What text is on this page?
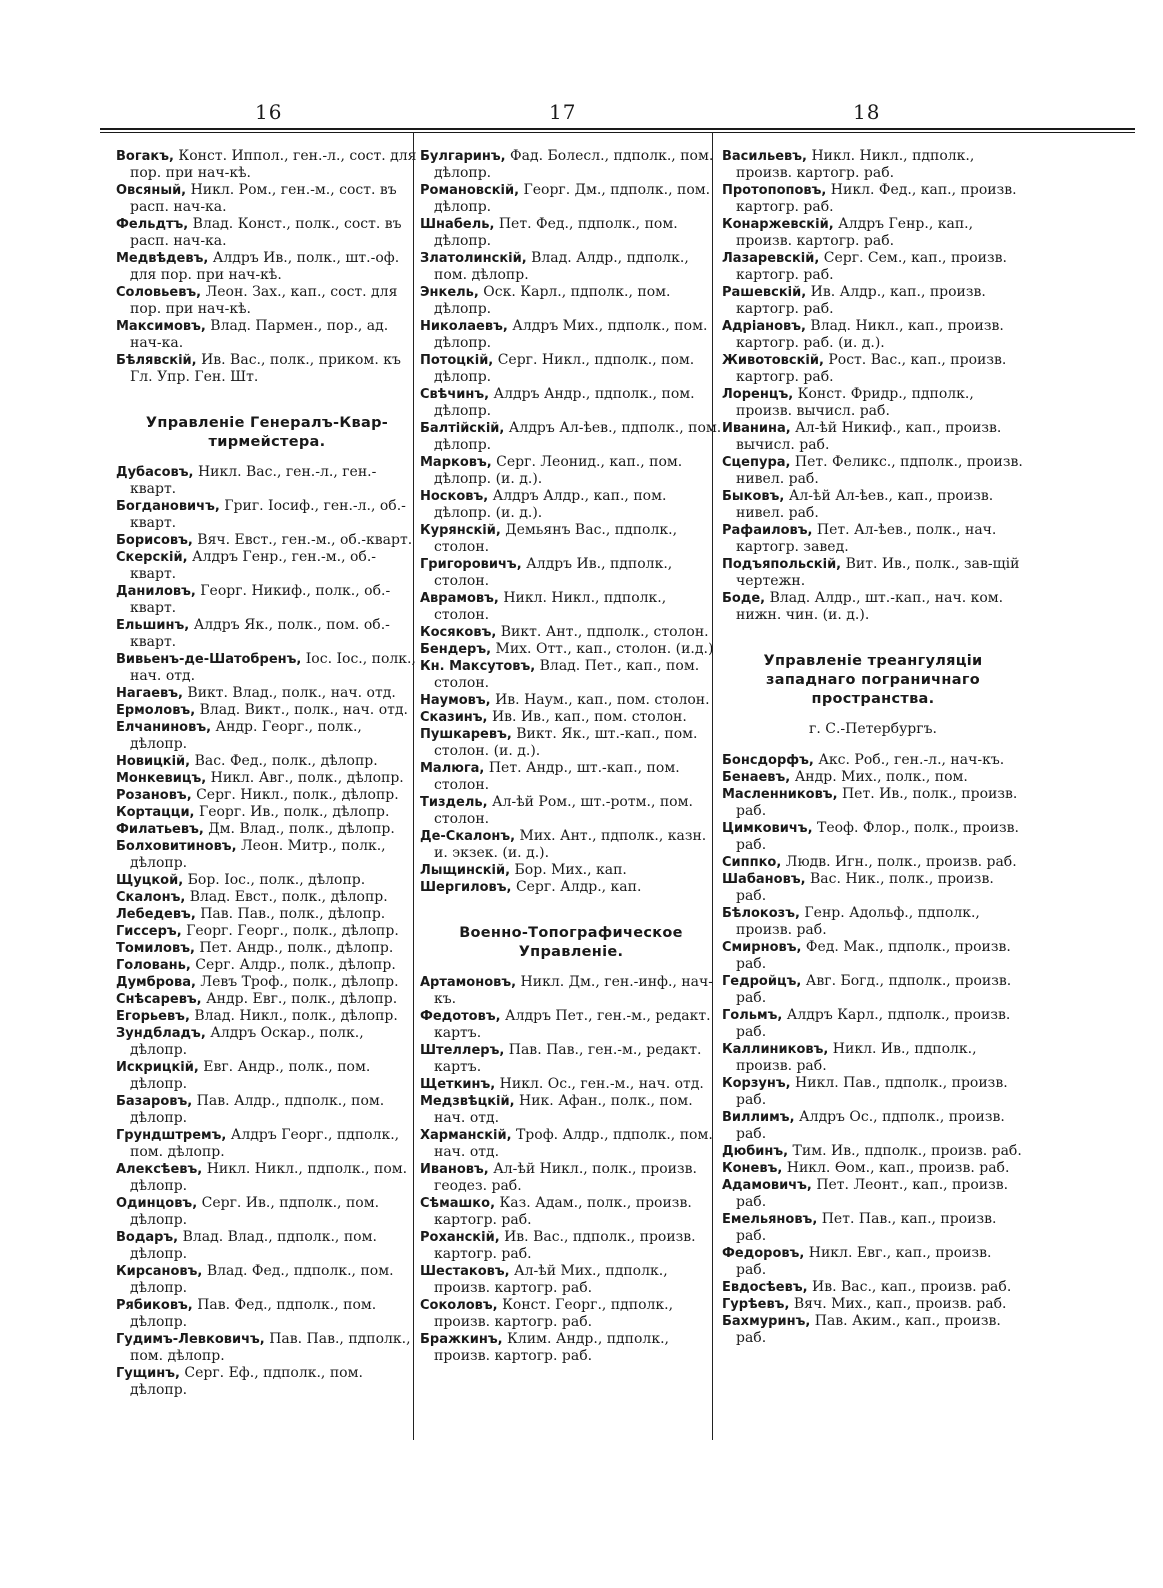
16	17	18

Вогакъ, Конст. Иппол., ген.-л., сост. для пор. при нач-кѣ.

Овсяный, Никл. Ром., ген.-м., сост. въ расп. нач-ка.

Фельдтъ, Влад. Конст., полк., сост. въ расп. нач-ка.

Медвѣдевъ, Алдръ Ив., полк., шт.-оф. для пор. при нач-кѣ.

Соловьевъ, Леон. Зах., кап., сост. для пор. при нач-кѣ.

Максимовъ, Влад. Пармен., пор., ад. нач-ка.

Бѣлявскій, Ив. Вас., полк., приком. къ Гл. Упр. Ген. Шт.

Управленіе Генералъ-Квар-тирмейстера.

Дубасовъ, Никл. Вас., ген.-л., ген.-кварт.

Богдановичъ, Григ. Іосиф., ген.-л., об.-кварт.

Борисовъ, Вяч. Евст., ген.-м., об.-кварт.

Скерскій, Алдръ Генр., ген.-м., об.-кварт.

Даниловъ, Георг. Никиф., полк., об.-кварт.

Ельшинъ, Алдръ Як., полк., пом. об.-кварт.

Вивьенъ-де-Шатобренъ, Іос. Іос., полк., нач. отд.

Нагаевъ, Викт. Влад., полк., нач. отд.

Ермоловъ, Влад. Викт., полк., нач. отд.

Елчаниновъ, Андр. Георг., полк., дѣлопр.

Новицкій, Вас. Фед., полк., дѣлопр.

Монкевицъ, Никл. Авг., полк., дѣлопр.

Розановъ, Серг. Никл., полк., дѣлопр.

Кортацци, Георг. Ив., полк., дѣлопр.

Филатьевъ, Дм. Влад., полк., дѣлопр.

Болховитиновъ, Леон. Митр., полк., дѣлопр.

Щуцкой, Бор. Іос., полк., дѣлопр.

Скалонъ, Влад. Евст., полк., дѣлопр.

Лебедевъ, Пав. Пав., полк., дѣлопр.

Гиссеръ, Георг. Георг., полк., дѣлопр.

Томиловъ, Пет. Андр., полк., дѣлопр.

Головань, Серг. Алдр., полк., дѣлопр.

Думброва, Левъ Троф., полк., дѣлопр.

Снѣсаревъ, Андр. Евг., полк., дѣлопр.

Егорьевъ, Влад. Никл., полк., дѣлопр.

Зундбладъ, Алдръ Оскар., полк., дѣлопр.

Искрицкій, Евг. Андр., полк., пом. дѣлопр.

Базаровъ, Пав. Алдр., пдполк., пом. дѣлопр.

Грундштремъ, Алдръ Георг., пдполк., пом. дѣлопр.

Алексѣевъ, Никл. Никл., пдполк., пом. дѣлопр.

Одинцовъ, Серг. Ив., пдполк., пом. дѣлопр.

Водаръ, Влад. Влад., пдполк., пом. дѣлопр.

Кирсановъ, Влад. Фед., пдполк., пом. дѣлопр.

Рябиковъ, Пав. Фед., пдполк., пом. дѣлопр.

Гудимъ-Левковичъ, Пав. Пав., пдполк., пом. дѣлопр.

Гущинъ, Серг. Еф., пдполк., пом. дѣлопр.

Булгаринъ, Фад. Болесл., пдполк., пом. дѣлопр.

Романовскій, Георг. Дм., пдполк., пом. дѣлопр.

Шнабель, Пет. Фед., пдполк., пом. дѣлопр.

Златолинскій, Влад. Алдр., пдполк., пом. дѣлопр.

Энкель, Оск. Карл., пдполк., пом. дѣлопр.

Николаевъ, Алдръ Мих., пдполк., пом. дѣлопр.

Потоцкій, Серг. Никл., пдполк., пом. дѣлопр.

Свѣчинъ, Алдръ Андр., пдполк., пом. дѣлопр.

Балтійскій, Алдръ Ал-ѣев., пдполк., пом. дѣлопр.

Марковъ, Серг. Леонид., кап., пом. дѣлопр. (и. д.).

Носковъ, Алдръ Алдр., кап., пом. дѣлопр. (и. д.).

Курянскій, Демьянъ Вас., пдполк., столон.

Григоровичъ, Алдръ Ив., пдполк., столон.

Аврамовъ, Никл. Никл., пдполк., столон.

Косяковъ, Викт. Ант., пдполк., столон.

Бендеръ, Мих. Отт., кап., столон. (и.д.)

Кн. Максутовъ, Влад. Пет., кап., пом. столон.

Наумовъ, Ив. Наум., кап., пом. столон.

Сказинъ, Ив. Ив., кап., пом. столон.

Пушкаревъ, Викт. Як., шт.-кап., пом. столон. (и. д.).

Малюга, Пет. Андр., шт.-кап., пом. столон.

Тиздель, Ал-ѣй Ром., шт.-ротм., пом. столон.

Де-Скалонъ, Мих. Ант., пдполк., казн. и. экзек. (и. д.).

Лыщинскій, Бор. Мих., кап.

Шергиловъ, Серг. Алдр., кап.

Военно-Топографическое Управленіе.

Артамоновъ, Никл. Дм., ген.-инф., нач-къ.

Федотовъ, Алдръ Пет., ген.-м., редакт. картъ.

Штеллеръ, Пав. Пав., ген.-м., редакт. картъ.

Щеткинъ, Никл. Ос., ген.-м., нач. отд.

Медзвѣцкій, Ник. Афан., полк., пом. нач. отд.

Харманскій, Троф. Алдр., пдполк., пом. нач. отд.

Ивановъ, Ал-ѣй Никл., полк., произв. геодез. раб.

Сѣмашко, Каз. Адам., полк., произв. картогр. раб.

Роханскій, Ив. Вас., пдполк., произв. картогр. раб.

Шестаковъ, Ал-ѣй Мих., пдполк., произв. картогр. раб.

Соколовъ, Конст. Георг., пдполк., произв. картогр. раб.

Бражкинъ, Клим. Андр., пдполк., произв. картогр. раб.

Васильевъ, Никл. Никл., пдполк., произв. картогр. раб.

Протопоповъ, Никл. Фед., кап., произв. картогр. раб.

Конаржевскій, Алдръ Генр., кап., произв. картогр. раб.

Лазаревскій, Серг. Сем., кап., произв. картогр. раб.

Рашевскій, Ив. Алдр., кап., произв. картогр. раб.

Адріановъ, Влад. Никл., кап., произв. картогр. раб. (и. д.).

Животовскій, Рост. Вас., кап., произв. картогр. раб.

Лоренцъ, Конст. Фридр., пдполк., произв. вычисл. раб.

Иванина, Ал-ѣй Никиф., кап., произв. вычисл. раб.

Сцепура, Пет. Феликс., пдполк., произв. нивел. раб.

Быковъ, Ал-ѣй Ал-ѣев., кап., произв. нивел. раб.

Рафаиловъ, Пет. Ал-ѣев., полк., нач. картогр. завед.

Подъяпольскій, Вит. Ив., полк., зав-щій чертежн.

Боде, Влад. Алдр., шт.-кап., нач. ком. нижн. чин. (и. д.).

Управленіе треангуляціи западнаго пограничнаго пространства.
г. С.-Петербургъ.

Бонсдорфъ, Акс. Роб., ген.-л., нач-къ.

Бенаевъ, Андр. Мих., полк., пом.

Масленниковъ, Пет. Ив., полк., произв. раб.

Цимковичъ, Теоф. Флор., полк., произв. раб.

Сиппко, Людв. Игн., полк., произв. раб.

Шабановъ, Вас. Ник., полк., произв. раб.

Бѣлокозъ, Генр. Адольф., пдполк., произв. раб.

Смирновъ, Фед. Мак., пдполк., произв. раб.

Гедройцъ, Авг. Богд., пдполк., произв. раб.

Гольмъ, Алдръ Карл., пдполк., произв. раб.

Каллиниковъ, Никл. Ив., пдполк., произв. раб.

Корзунъ, Никл. Пав., пдполк., произв. раб.

Виллимъ, Алдръ Ос., пдполк., произв. раб.

Дюбинъ, Тим. Ив., пдполк., произв. раб.

Коневъ, Никл. Ѳом., кап., произв. раб.

Адамовичъ, Пет. Леонт., кап., произв. раб.

Емельяновъ, Пет. Пав., кап., произв. раб.

Федоровъ, Никл. Евг., кап., произв. раб.

Евдосѣевъ, Ив. Вас., кап., произв. раб.

Гурѣевъ, Вяч. Мих., кап., произв. раб.

Бахмуринъ, Пав. Аким., кап., произв. раб.
